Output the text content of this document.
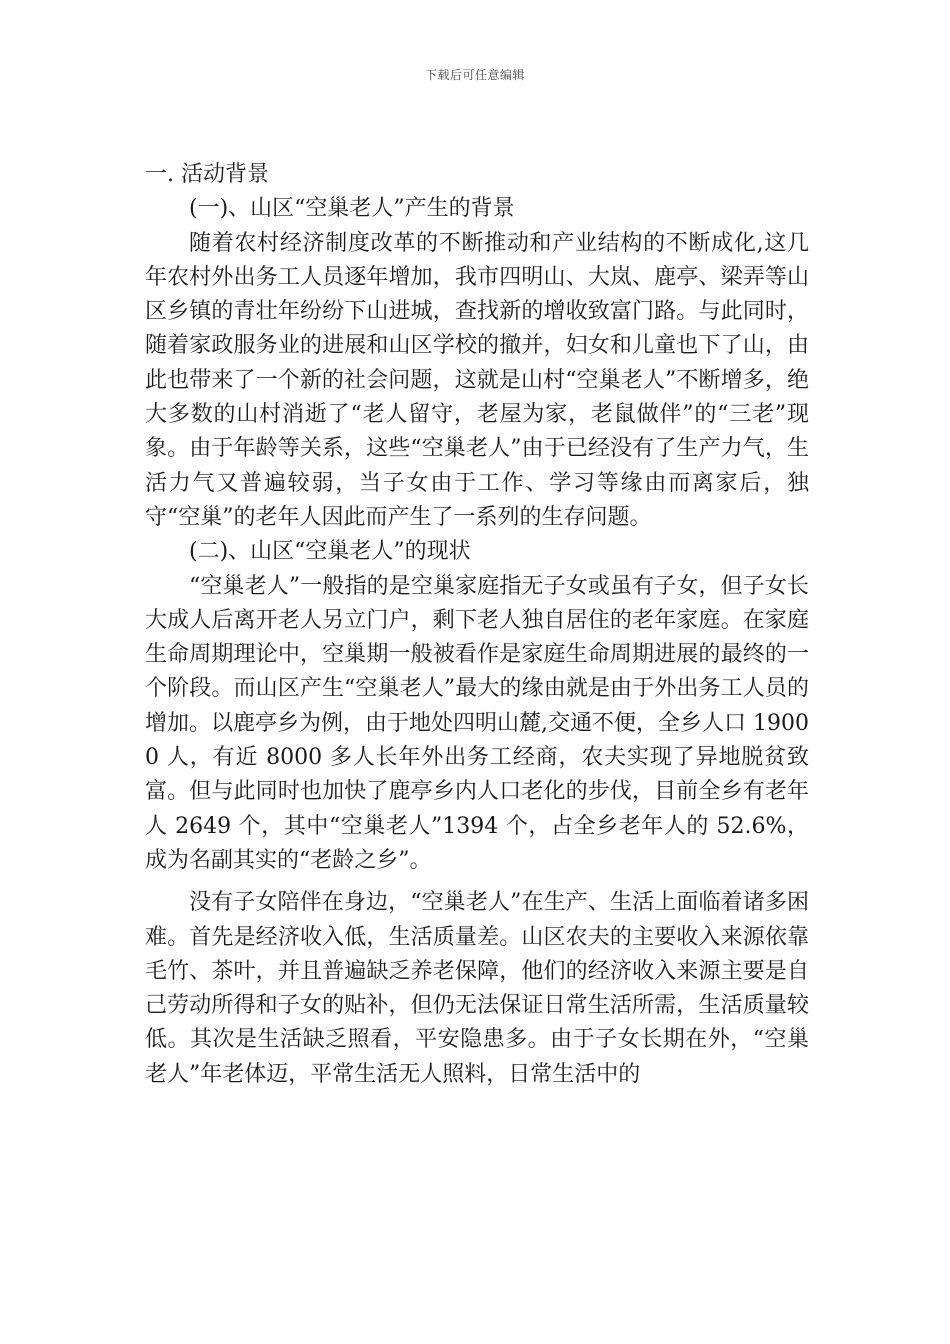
下载后可任意编辑

一. 活动背景

(一)、山区“空巢老人”产生的背景

随着农村经济制度改革的不断推动和产业结构的不断成化,这几年农村外出务工人员逐年增加，我市四明山、大岚、鹿亭、梁弄等山区乡镇的青壮年纷纷下山进城，查找新的增收致富门路。与此同时，随着家政服务业的进展和山区学校的撤并，妇女和儿童也下了山，由此也带来了一个新的社会问题，这就是山村“空巢老人”不断增多，绝大多数的山村消逝了“老人留守，老屋为家，老鼠做伴”的“三老”现象。由于年龄等关系，这些“空巢老人”由于已经没有了生产力气，生活力气又普遍较弱，当子女由于工作、学习等缘由而离家后，独守“空巢”的老年人因此而产生了一系列的生存问题。

(二)、山区“空巢老人”的现状

“空巢老人”一般指的是空巢家庭指无子女或虽有子女，但子女长大成人后离开老人另立门户，剩下老人独自居住的老年家庭。在家庭生命周期理论中，空巢期一般被看作是家庭生命周期进展的最终的一个阶段。而山区产生“空巢老人”最大的缘由就是由于外出务工人员的增加。以鹿亭乡为例，由于地处四明山麓,交通不便，全乡人口 19000 人，有近 8000 多人长年外出务工经商，农夫实现了异地脱贫致富。但与此同时也加快了鹿亭乡内人口老化的步伐，目前全乡有老年人 2649 个，其中“空巢老人”1394 个，占全乡老年人的 52.6%，成为名副其实的“老龄之乡”。

没有子女陪伴在身边，“空巢老人”在生产、生活上面临着诸多困难。首先是经济收入低，生活质量差。山区农夫的主要收入来源依靠毛竹、茶叶，并且普遍缺乏养老保障，他们的经济收入来源主要是自己劳动所得和子女的贴补，但仍无法保证日常生活所需，生活质量较低。其次是生活缺乏照看，平安隐患多。由于子女长期在外，“空巢老人”年老体迈，平常生活无人照料，日常生活中的
